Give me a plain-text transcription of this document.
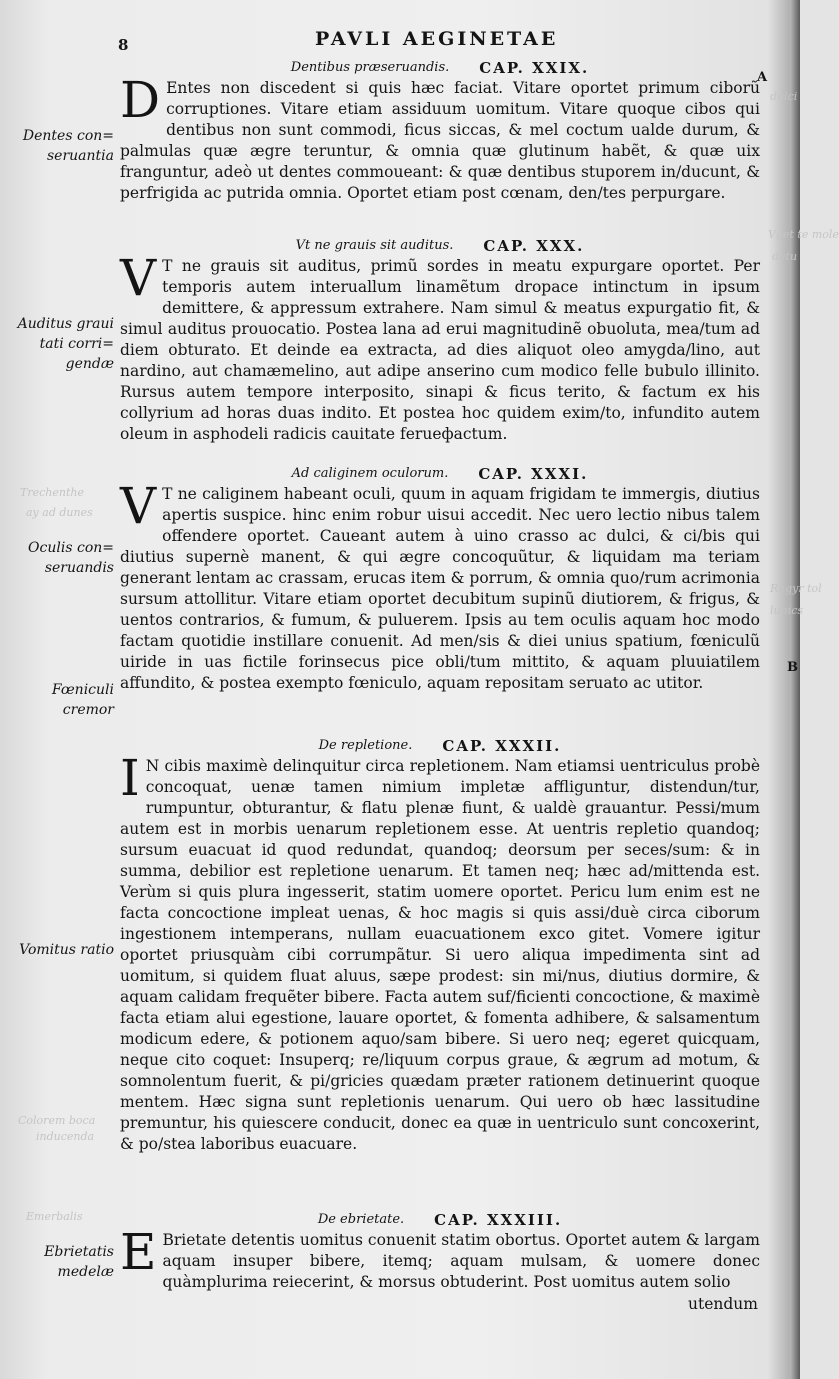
8	PAVLI AEGINETAE
A
B
dulci
Vget te mole
detu
Trechenthe
ay ad dunes
Ragyr tol
lunics
Colorem boca
inducenda
Emerbalis
Dentes con= seruantia
Auditus graui tati corri= gendæ
Oculis con= seruandis
Fœniculi cremor
Vomitus ratio
Ebrietatis medelæ
Dentibus præseruandis. CAP. XXIX.

D Entes non discedent si quis hæc faciat. Vitare oportet primum ciborũ corruptiones. Vitare etiam assiduum uomitum. Vitare quoque cibos qui dentibus non sunt commodi, ficus siccas, & mel coctum ualde durum, & palmulas quæ ægre teruntur, & omnia quæ glutinum habẽt, & quæ uix franguntur, adeò ut dentes commoueant: & quæ dentibus stuporem in/ducunt, & perfrigida ac putrida omnia. Oportet etiam post cœnam, den/tes perpurgare.

Vt ne grauis sit auditus. CAP. XXX.

V T ne grauis sit auditus, primũ sordes in meatu expurgare oportet. Per temporis autem interuallum linamẽtum dropace intinctum in ipsum demittere, & appressum extrahere. Nam simul & meatus expurgatio fit, & simul auditus prouocatio. Postea lana ad erui magnitudinẽ obuoluta, mea/tum ad diem obturato. Et deinde ea extracta, ad dies aliquot oleo amygda/lino, aut nardino, aut chamæmelino, aut adipe anserino cum modico felle bubulo illinito. Rursus autem tempore interposito, sinapi & ficus terito, & factum ex his collyrium ad horas duas indito. Et postea hoc quidem exim/to, infundito autem oleum in asphodeli radicis cauitate ferueфactum.

Ad caliginem oculorum. CAP. XXXI.

V T ne caliginem habeant oculi, quum in aquam frigidam te immergis, diutius apertis suspice. hinc enim robur uisui accedit. Nec uero lectio nibus talem offendere oportet. Caueant autem à uino crasso ac dulci, & ci/bis qui diutius supernè manent, & qui ægre concoquũtur, & liquidam ma teriam generant lentam ac crassam, erucas item & porrum, & omnia quo/rum acrimonia sursum attollitur. Vitare etiam oportet decubitum supinũ diutiorem, & frigus, & uentos contrarios, & fumum, & puluerem. Ipsis au tem oculis aquam hoc modo factam quotidie instillare conuenit. Ad men/sis & diei unius spatium, fœniculũ uiride in uas fictile forinsecus pice obli/tum mittito, & aquam pluuiatilem affundito, & postea exempto fœniculo, aquam repositam seruato ac utitor.

De repletione. CAP. XXXII.

I N cibis maximè delinquitur circa repletionem. Nam etiamsi uentriculus probè concoquat, uenæ tamen nimium impletæ affliguntur, distendun/tur, rumpuntur, obturantur, & flatu plenæ fiunt, & ualdè grauantur. Pessi/mum autem est in morbis uenarum repletionem esse. At uentris repletio quandoq; sursum euacuat id quod redundat, quandoq; deorsum per seces/sum: & in summa, debilior est repletione uenarum. Et tamen neq; hæc ad/mittenda est. Verùm si quis plura ingesserit, statim uomere oportet. Pericu lum enim est ne facta concoctione impleat uenas, & hoc magis si quis assi/duè circa ciborum ingestionem intemperans, nullam euacuationem exco gitet. Vomere igitur oportet priusquàm cibi corrumpãtur. Si uero aliqua impedimenta sint ad uomitum, si quidem fluat aluus, sæpe prodest: sin mi/nus, diutius dormire, & aquam calidam frequẽter bibere. Facta autem suf/ficienti concoctione, & maximè facta etiam alui egestione, lauare oportet, & fomenta adhibere, & salsamentum modicum edere, & potionem aquo/sam bibere. Si uero neq; egeret quicquam, neque cito coquet: Insuperq; re/liquum corpus graue, & ægrum ad motum, & somnolentum fuerit, & pi/gricies quædam præter rationem detinuerint quoque mentem. Hæc signa sunt repletionis uenarum. Qui uero ob hæc lassitudine premuntur, his quiescere conducit, donec ea quæ in uentriculo sunt concoxerint, & po/stea laboribus euacuare.

De ebrietate. CAP. XXXIII.

E Brietate detentis uomitus conuenit statim obortus. Oportet autem & largam aquam insuper bibere, itemq; aquam mulsam, & uomere donec quàmplurima reiecerint, & morsus obtuderint. Post uomitus autem solio

utendum
